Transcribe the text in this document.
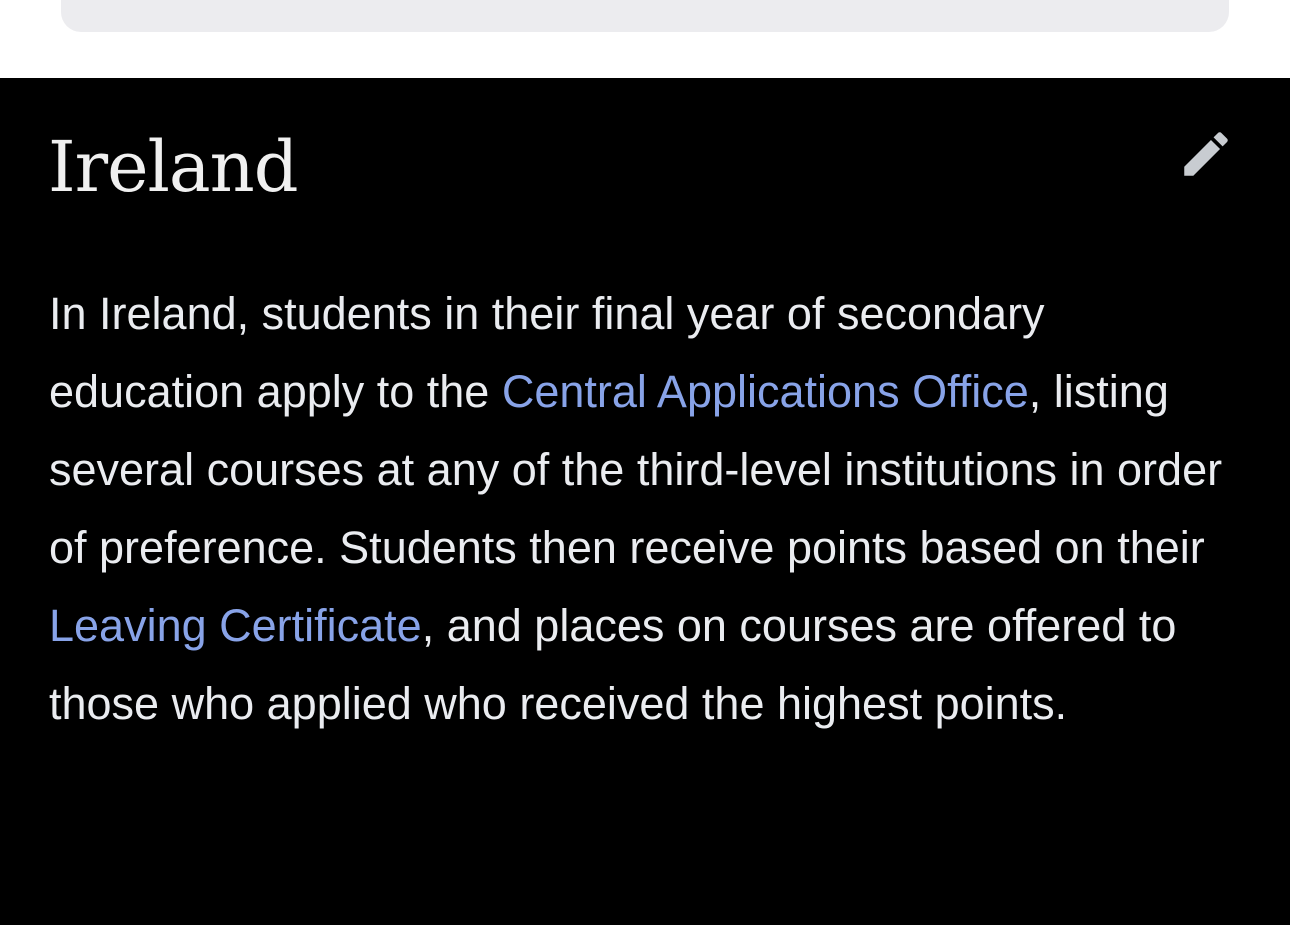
Ireland

In Ireland, students in their final year of secondary education apply to the Central Applications Office, listing several courses at any of the third-level institutions in order of preference. Students then receive points based on their Leaving Certificate, and places on courses are offered to those who applied who received the highest points.
